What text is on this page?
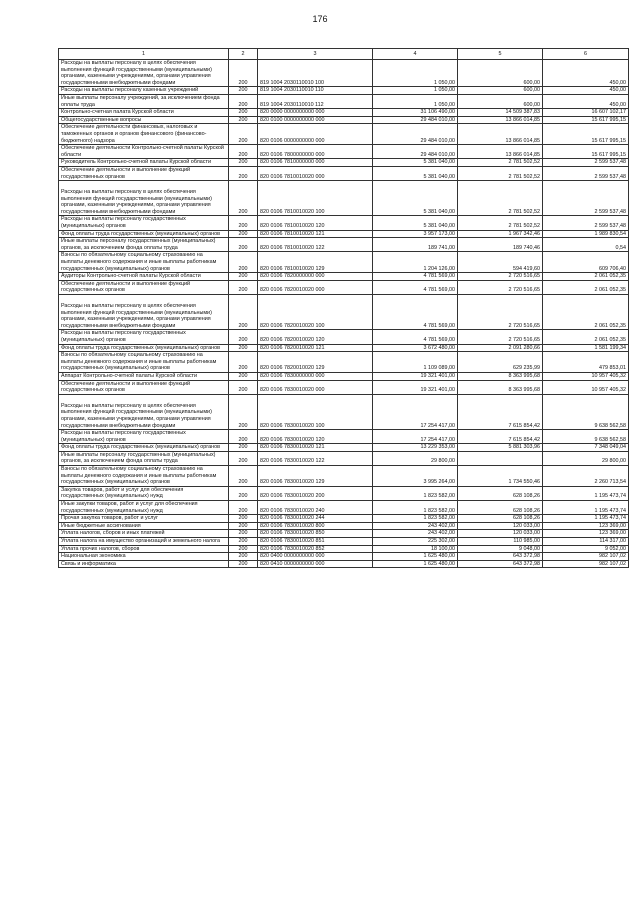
176
1	2	3	4	5	6
Расходы на выплаты персоналу в целях обеспечения выполнения функций государственными (муниципальными) органами, казенными учреждениями, органами управления государственными внебюджетными фондами	200	819 1004 2030110010 100	1 050,00	600,00	450,00
Расходы на выплаты персоналу казенных учреждений	200	819 1004 2030110010 110	1 050,00	600,00	450,00
Иные выплаты персоналу учреждений, за исключением фонда оплаты труда	200	819 1004 2030110010 112	1 050,00	600,00	450,00
Контрольно-счетная палата Курской области	200	820 0000 0000000000 000	31 106 490,00	14 509 387,83	16 607 102,17
Общегосударственные вопросы	200	820 0100 0000000000 000	29 484 010,00	13 866 014,85	15 617 995,15
Обеспечение деятельности финансовых, налоговых и таможенных органов и органов финансового (финансово-бюджетного) надзора	200	820 0106 0000000000 000	29 484 010,00	13 866 014,85	15 617 995,15
Обеспечение деятельности Контрольно-счетной палаты Курской области	200	820 0106 7800000000 000	29 484 010,00	13 866 014,85	15 617 995,15
Руководитель Контрольно-счетной палаты Курской области	200	820 0106 7810000000 000	5 381 040,00	2 781 502,52	2 599 537,48
Обеспечение деятельности и выполнение функций государственных органов	200	820 0106 7810010020 000	5 381 040,00	2 781 502,52	2 599 537,48
Расходы на выплаты персоналу в целях обеспечения выполнения функций государственными (муниципальными) органами, казенными учреждениями, органами управления государственными внебюджетными фондами	200	820 0106 7810010020 100	5 381 040,00	2 781 502,52	2 599 537,48
Расходы на выплаты персоналу государственных (муниципальных) органов	200	820 0106 7810010020 120	5 381 040,00	2 781 502,52	2 599 537,48
Фонд оплаты труда государственных (муниципальных) органов	200	820 0106 7810010020 121	3 957 173,00	1 967 342,46	1 989 830,54
Иные выплаты персоналу государственных (муниципальных) органов, за исключением фонда оплаты труда	200	820 0106 7810010020 122	189 741,00	189 740,46	0,54
Взносы по обязательному социальному страхованию на выплаты денежного содержания и иные выплаты работникам государственных (муниципальных) органов	200	820 0106 7810010020 129	1 204 126,00	594 419,60	609 706,40
Аудиторы Контрольно-счетной палаты Курской области	200	820 0106 7820000000 000	4 781 569,00	2 720 516,65	2 061 052,35
Обеспечение деятельности и выполнение функций государственных органов	200	820 0106 7820010020 000	4 781 569,00	2 720 516,65	2 061 052,35
Расходы на выплаты персоналу в целях обеспечения выполнения функций государственными (муниципальными) органами, казенными учреждениями, органами управления государственными внебюджетными фондами	200	820 0106 7820010020 100	4 781 569,00	2 720 516,65	2 061 052,35
Расходы на выплаты персоналу государственных (муниципальных) органов	200	820 0106 7820010020 120	4 781 569,00	2 720 516,65	2 061 052,35
Фонд оплаты труда государственных (муниципальных) органов	200	820 0106 7820010020 121	3 672 480,00	2 091 280,66	1 581 199,34
Взносы по обязательному социальному страхованию на выплаты денежного содержания и иные выплаты работникам государственных (муниципальных) органов	200	820 0106 7820010020 129	1 109 089,00	629 235,99	479 853,01
Аппарат Контрольно-счетной палаты Курской области	200	820 0106 7830000000 000	19 321 401,00	8 363 995,68	10 957 405,32
Обеспечение деятельности и выполнение функций государственных органов	200	820 0106 7830010020 000	19 321 401,00	8 363 995,68	10 957 405,32
Расходы на выплаты персоналу в целях обеспечения выполнения функций государственными (муниципальными) органами, казенными учреждениями, органами управления государственными внебюджетными фондами	200	820 0106 7830010020 100	17 254 417,00	7 615 854,42	9 638 562,58
Расходы на выплаты персоналу государственных (муниципальных) органов	200	820 0106 7830010020 120	17 254 417,00	7 615 854,42	9 638 562,58
Фонд оплаты труда государственных (муниципальных) органов	200	820 0106 7830010020 121	13 229 353,00	5 881 303,96	7 348 049,04
Иные выплаты персоналу государственных (муниципальных) органов, за исключением фонда оплаты труда	200	820 0106 7830010020 122	29 800,00		29 800,00
Взносы по обязательному социальному страхованию на выплаты денежного содержания и иные выплаты работникам государственных (муниципальных) органов	200	820 0106 7830010020 129	3 995 264,00	1 734 550,46	2 260 713,54
Закупка товаров, работ и услуг для обеспечения государственных (муниципальных) нужд	200	820 0106 7830010020 200	1 823 582,00	628 108,26	1 195 473,74
Иные закупки товаров, работ и услуг для обеспечения государственных (муниципальных) нужд	200	820 0106 7830010020 240	1 823 582,00	628 108,26	1 195 473,74
Прочая закупка товаров, работ и услуг	200	820 0106 7830010020 244	1 823 582,00	628 108,26	1 195 473,74
Иные бюджетные ассигнования	200	820 0106 7830010020 800	243 402,00	120 033,00	123 369,00
Уплата налогов, сборов и иных платежей	200	820 0106 7830010020 850	243 402,00	120 033,00	123 369,00
Уплата налога на имущество организаций и земельного налога	200	820 0106 7830010020 851	225 302,00	110 985,00	114 317,00
Уплата прочих налогов, сборов	200	820 0106 7830010020 852	18 100,00	9 048,00	9 052,00
Национальная экономика	200	820 0400 0000000000 000	1 625 480,00	643 372,98	982 107,02
Связь и информатика	200	820 0410 0000000000 000	1 625 480,00	643 372,98	982 107,02
